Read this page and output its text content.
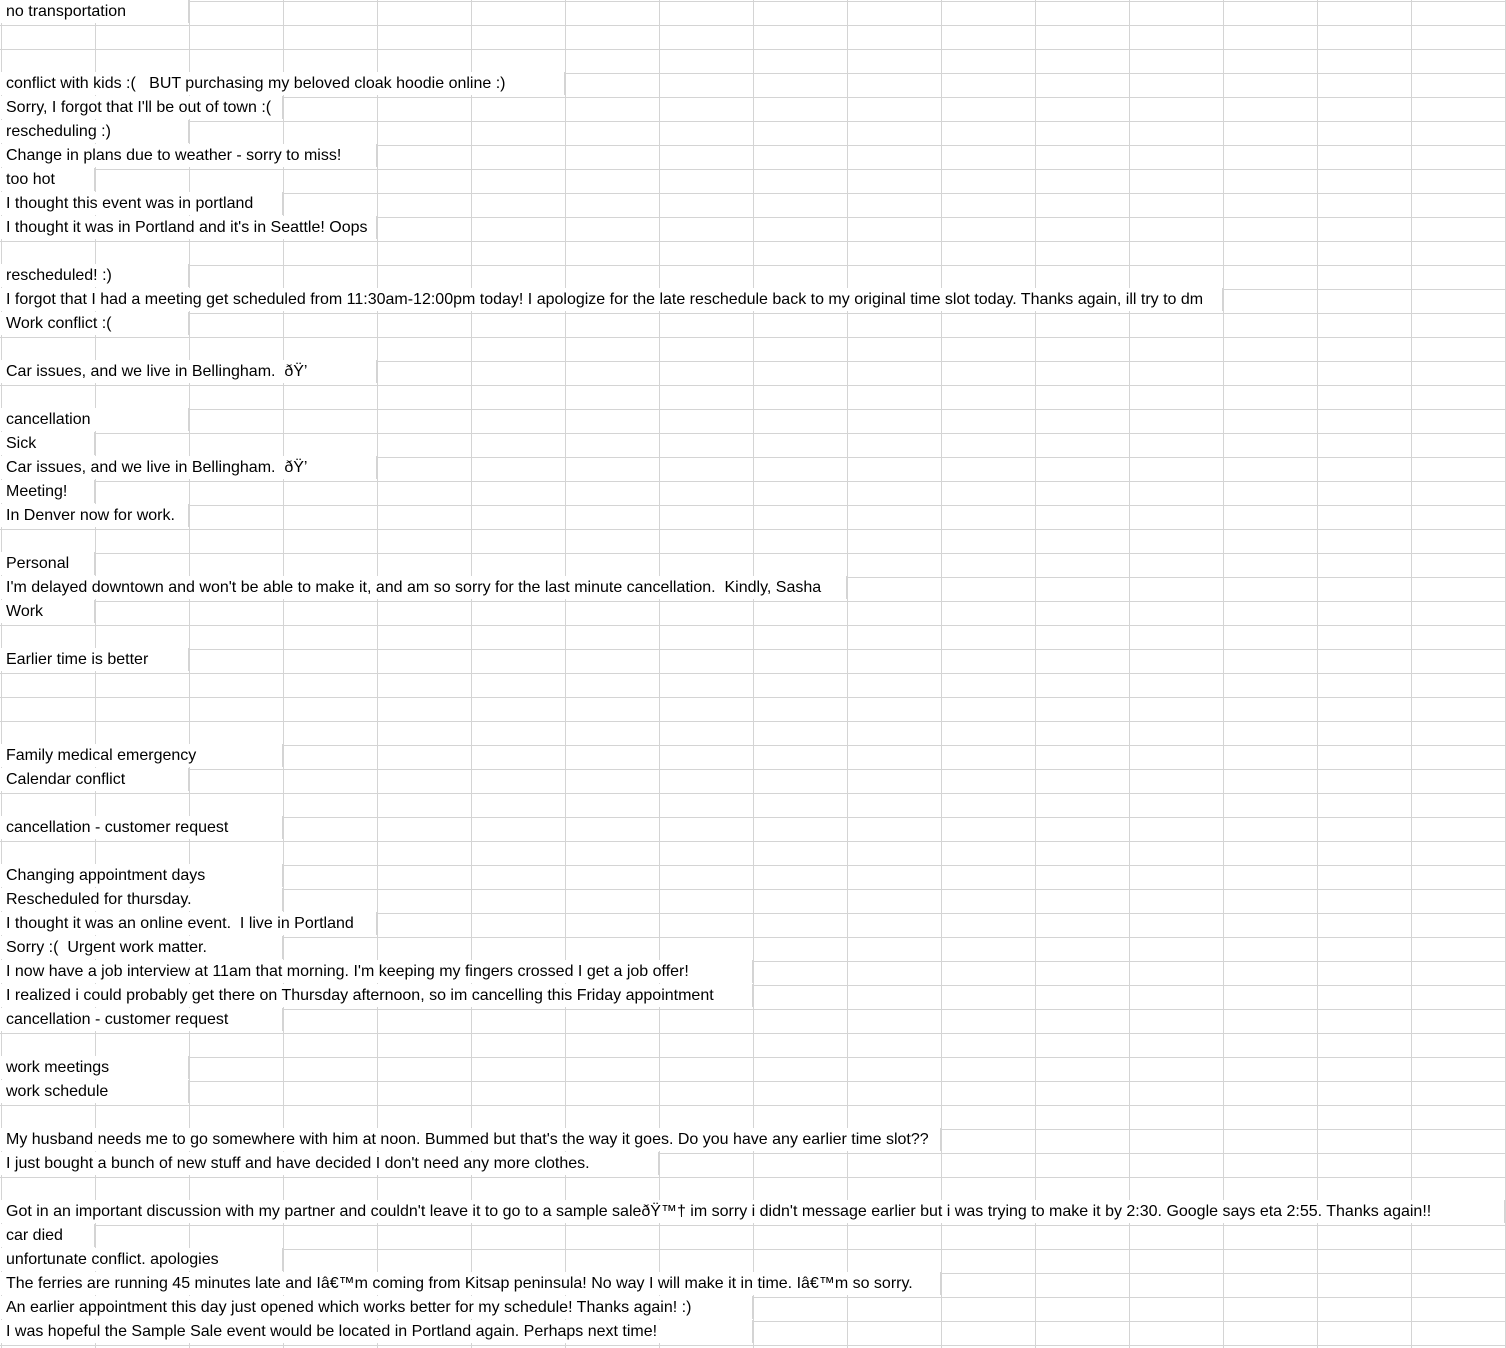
no transportation
conflict with kids :(   BUT purchasing my beloved cloak hoodie online :)
Sorry, I forgot that I'll be out of town :(
rescheduling :)
Change in plans due to weather - sorry to miss!
too hot
I thought this event was in portland
I thought it was in Portland and it's in Seattle! Oops
rescheduled! :)
I forgot that I had a meeting get scheduled from 11:30am-12:00pm today! I apologize for the late reschedule back to my original time slot today. Thanks again, ill try to dm
Work conflict :(
Car issues, and we live in Bellingham.  ðŸ’
cancellation
Sick
Car issues, and we live in Bellingham.  ðŸ’
Meeting!
In Denver now for work.
Personal
I'm delayed downtown and won't be able to make it, and am so sorry for the last minute cancellation.  Kindly, Sasha
Work
Earlier time is better
Family medical emergency
Calendar conflict
cancellation - customer request
Changing appointment days
Rescheduled for thursday.
I thought it was an online event.  I live in Portland
Sorry :(  Urgent work matter.
I now have a job interview at 11am that morning. I'm keeping my fingers crossed I get a job offer!
I realized i could probably get there on Thursday afternoon, so im cancelling this Friday appointment
cancellation - customer request
work meetings
work schedule
My husband needs me to go somewhere with him at noon. Bummed but that's the way it goes. Do you have any earlier time slot??
I just bought a bunch of new stuff and have decided I don't need any more clothes.
Got in an important discussion with my partner and couldn't leave it to go to a sample saleðŸ™† im sorry i didn't message earlier but i was trying to make it by 2:30. Google says eta 2:55. Thanks again!!
car died
unfortunate conflict. apologies
The ferries are running 45 minutes late and Iâ€™m coming from Kitsap peninsula! No way I will make it in time. Iâ€™m so sorry.
An earlier appointment this day just opened which works better for my schedule! Thanks again! :)
I was hopeful the Sample Sale event would be located in Portland again. Perhaps next time!
